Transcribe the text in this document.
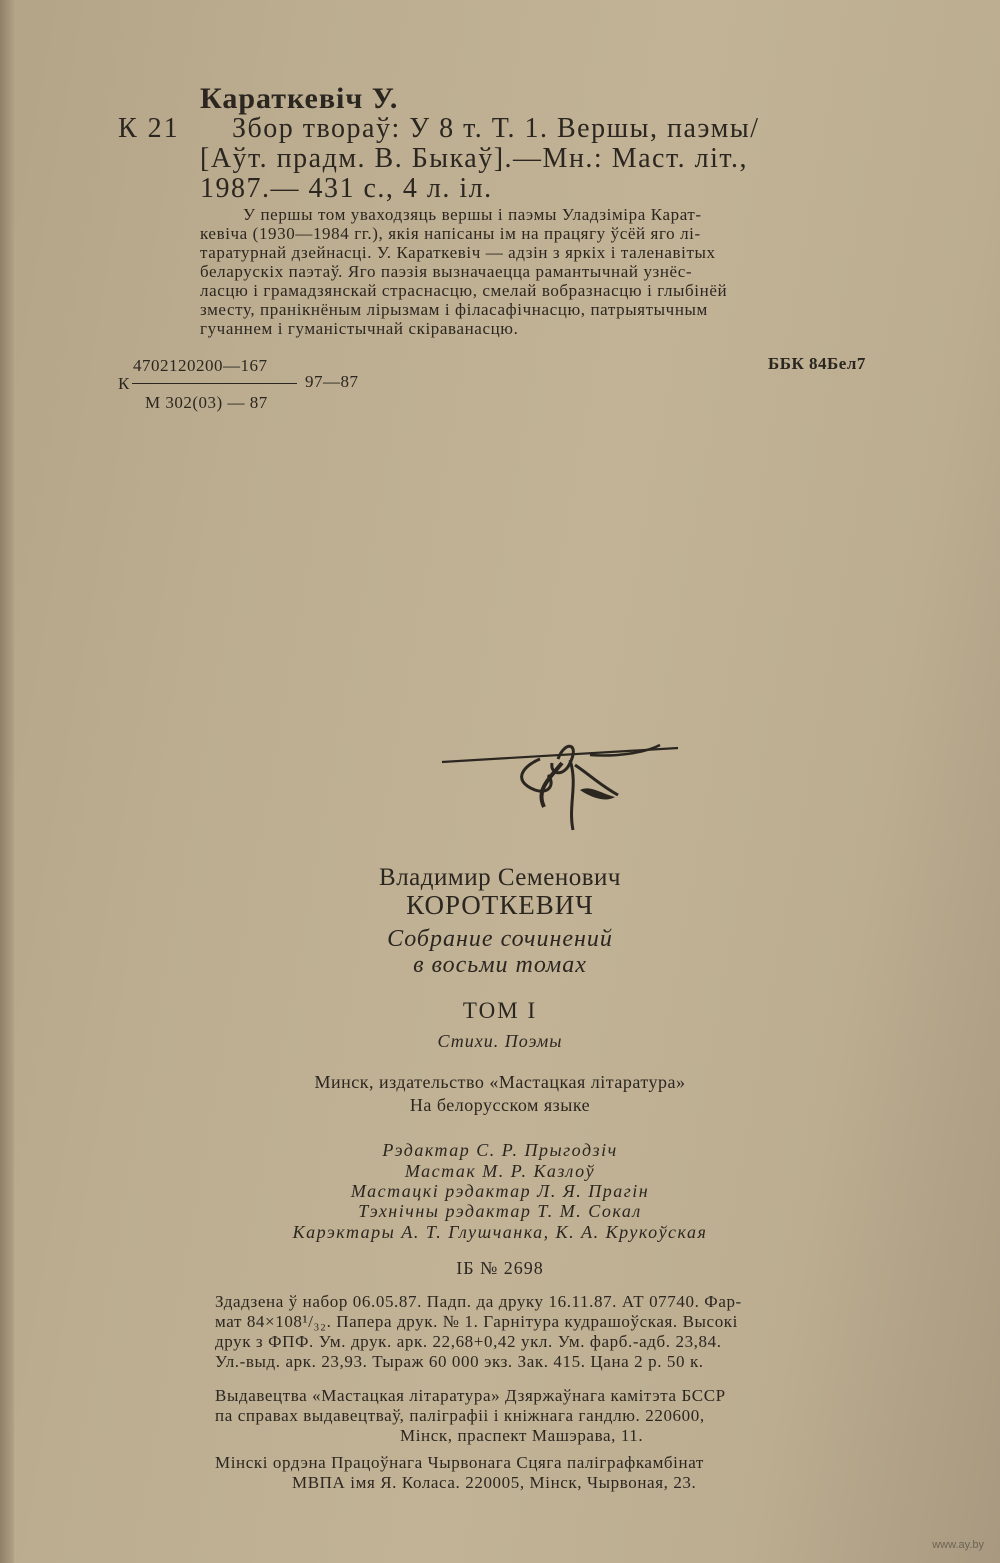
Караткевіч У.
К 21 Збор твораў: У 8 т. Т. 1. Вершы, паэмы/
[Аўт. прадм. В. Быкаў].—Мн.: Маст. літ.,
1987.— 431 с., 4 л. іл.
У першы том уваходзяць вершы і паэмы Уладзіміра Карат-
кевіча (1930—1984 гг.), якія напісаны ім на працягу ўсёй яго лі-
таратурнай дзейнасці. У. Караткевіч — адзін з яркіх і таленавітых
беларускіх паэтаў. Яго паэзія вызначаецца рамантычнай узнёс-
ласцю і грамадзянскай страснасцю, смелай вобразнасцю і глыбінёй
зместу, пранікнёным лірызмам і філасафічнасцю, патрыятычным
гучаннем і гуманістычнай скіраванасцю.
4702120200—167
К	97—87
М 302(03) — 87
ББК 84Бел7
Владимир Семенович
КОРОТКЕВИЧ
Собрание сочинений
в восьми томах
ТОМ I
Стихи. Поэмы
Минск, издательство «Мастацкая літаратура»
На белорусском языке
Рэдактар С. Р. Прыгодзіч
Мастак М. Р. Казлоў
Мастацкі рэдактар Л. Я. Прагін
Тэхнічны рэдактар Т. М. Сокал
Карэктары А. Т. Глушчанка, К. А. Крукоўская
ІБ № 2698
Здадзена ў набор 06.05.87. Падп. да друку 16.11.87. АТ 07740. Фар-
мат 84×108¹/₃₂. Папера друк. № 1. Гарнітура кудрашоўская. Высокі
друк з ФПФ. Ум. друк. арк. 22,68+0,42 укл. Ум. фарб.-адб. 23,84.
Ул.-выд. арк. 23,93. Тыраж 60 000 экз. Зак. 415. Цана 2 р. 50 к.
Выдавецтва «Мастацкая літаратура» Дзяржаўнага камітэта БССР
па справах выдавецтваў, паліграфіі і кніжнага гандлю. 220600,
Мінск, праспект Машэрава, 11.
Мінскі ордэна Працоўнага Чырвонага Сцяга паліграфкамбінат
МВПА імя Я. Коласа. 220005, Мінск, Чырвоная, 23.
www.ay.by
